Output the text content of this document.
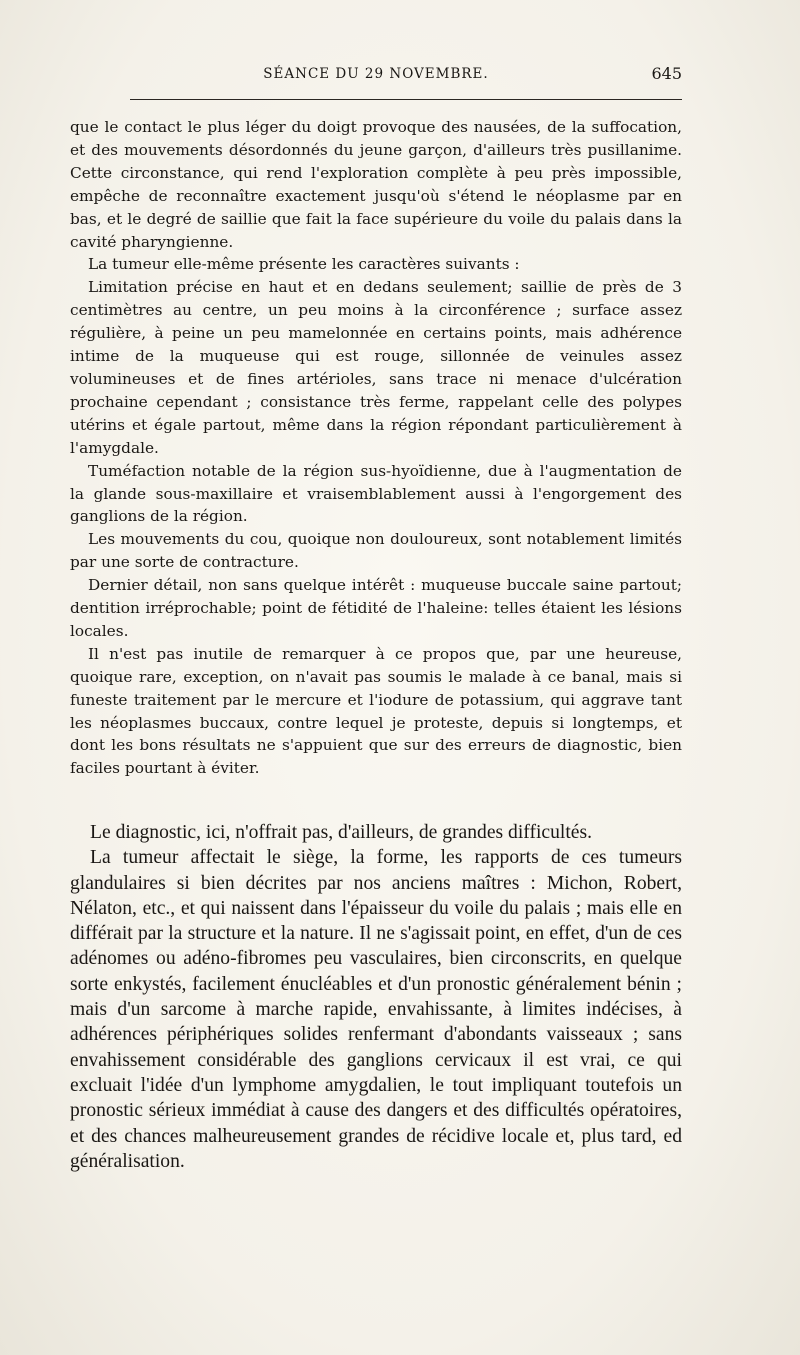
SÉANCE DU 29 NOVEMBRE.	645

que le contact le plus léger du doigt provoque des nausées, de la suffocation, et des mouvements désordonnés du jeune garçon, d'ailleurs très pusillanime. Cette circonstance, qui rend l'exploration complète à peu près impossible, empêche de reconnaître exactement jusqu'où s'étend le néoplasme par en bas, et le degré de saillie que fait la face supérieure du voile du palais dans la cavité pharyngienne.

La tumeur elle-même présente les caractères suivants :

Limitation précise en haut et en dedans seulement; saillie de près de 3 centimètres au centre, un peu moins à la circonférence ; surface assez régulière, à peine un peu mamelonnée en certains points, mais adhérence intime de la muqueuse qui est rouge, sillonnée de veinules assez volumineuses et de fines artérioles, sans trace ni menace d'ulcération prochaine cependant ; consistance très ferme, rappelant celle des polypes utérins et égale partout, même dans la région répondant particulièrement à l'amygdale.

Tuméfaction notable de la région sus-hyoïdienne, due à l'augmentation de la glande sous-maxillaire et vraisemblablement aussi à l'engorgement des ganglions de la région.

Les mouvements du cou, quoique non douloureux, sont notablement limités par une sorte de contracture.

Dernier détail, non sans quelque intérêt : muqueuse buccale saine partout; dentition irréprochable; point de fétidité de l'haleine: telles étaient les lésions locales.

Il n'est pas inutile de remarquer à ce propos que, par une heureuse, quoique rare, exception, on n'avait pas soumis le malade à ce banal, mais si funeste traitement par le mercure et l'iodure de potassium, qui aggrave tant les néoplasmes buccaux, contre lequel je proteste, depuis si longtemps, et dont les bons résultats ne s'appuient que sur des erreurs de diagnostic, bien faciles pourtant à éviter.

Le diagnostic, ici, n'offrait pas, d'ailleurs, de grandes difficultés.

La tumeur affectait le siège, la forme, les rapports de ces tumeurs glandulaires si bien décrites par nos anciens maîtres : Michon, Robert, Nélaton, etc., et qui naissent dans l'épaisseur du voile du palais ; mais elle en différait par la structure et la nature. Il ne s'agissait point, en effet, d'un de ces adénomes ou adéno-fibromes peu vasculaires, bien circonscrits, en quelque sorte enkystés, facilement énucléables et d'un pronostic généralement bénin ; mais d'un sarcome à marche rapide, envahissante, à limites indécises, à adhérences périphériques solides renfermant d'abondants vaisseaux ; sans envahissement considérable des ganglions cervicaux il est vrai, ce qui excluait l'idée d'un lymphome amygdalien, le tout impliquant toutefois un pronostic sérieux immédiat à cause des dangers et des difficultés opératoires, et des chances malheureusement grandes de récidive locale et, plus tard, ed généralisation.
